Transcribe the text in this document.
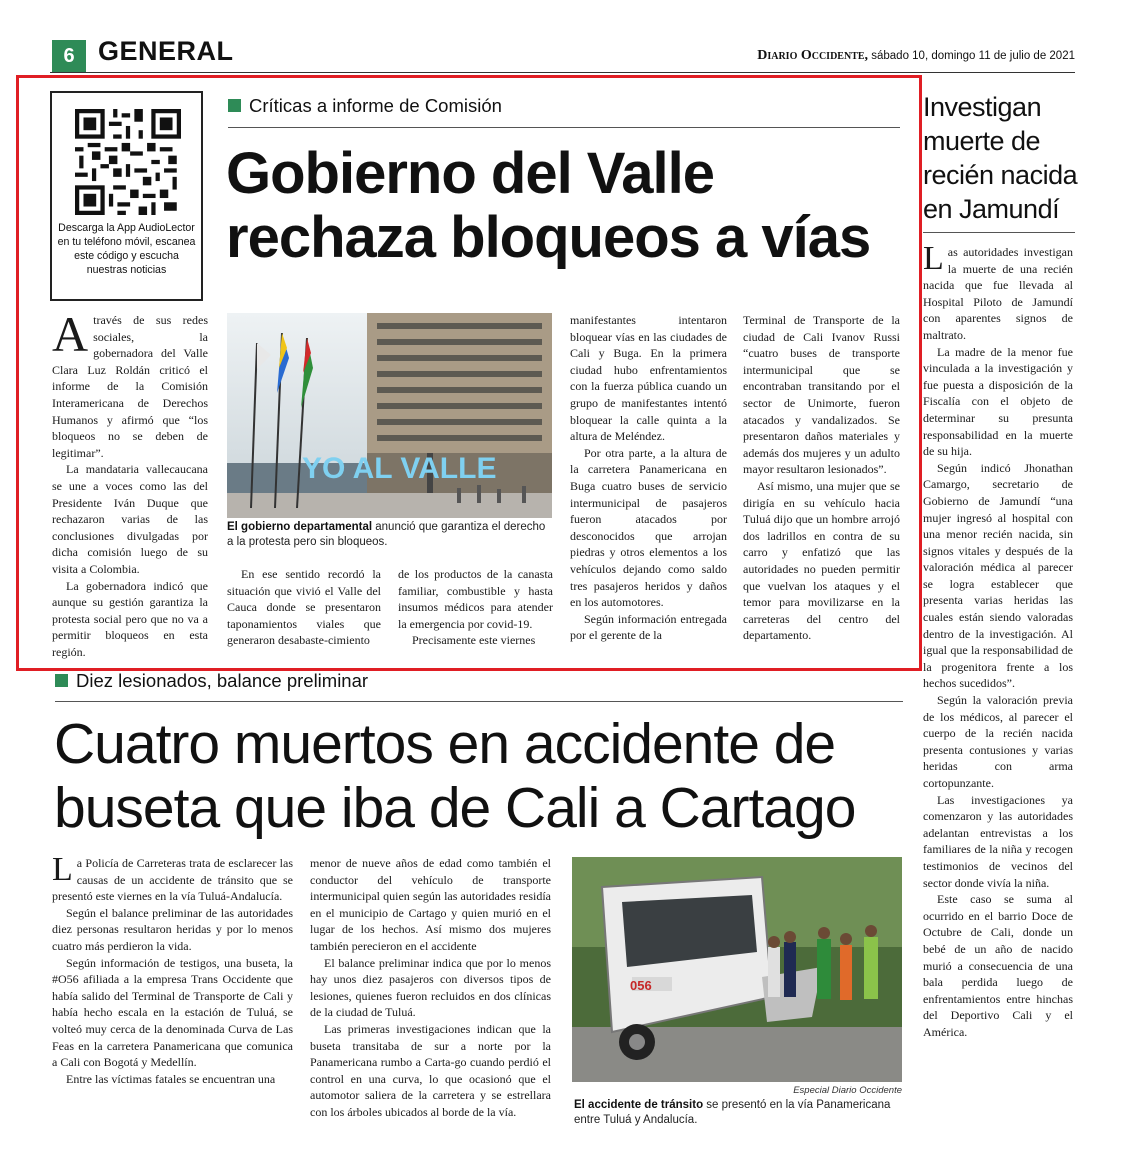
6 GENERAL	Diario Occidente, sábado 10, domingo 11 de julio de 2021
Descarga la App AudioLector en tu teléfono móvil, escanea este código y escucha nuestras noticias
Críticas a informe de Comisión
Gobierno del Valle
rechaza bloqueos a vías

Através de sus redes sociales, la gobernadora del Valle Clara Luz Roldán criticó el informe de la Comisión Interamericana de Derechos Humanos y afirmó que “los bloqueos no se deben de legitimar”.

La mandataria vallecaucana se une a voces como las del Presidente Iván Duque que rechazaron varias de las conclusiones divulgadas por dicha comisión luego de su visita a Colombia.

La gobernadora indicó que aunque su gestión garantiza la protesta social pero que no va a permitir bloqueos en esta región.

YO AL VALLE
El gobierno departamental anunció que garantiza el derecho a la protesta pero sin bloqueos.

En ese sentido recordó la situación que vivió el Valle del Cauca donde se presentaron taponamientos viales que generaron desabaste-cimiento

de los productos de la canasta familiar, combustible y hasta insumos médicos para atender la emergencia por covid-19.

Precisamente este viernes

manifestantes intentaron bloquear vías en las ciudades de Cali y Buga. En la primera ciudad hubo enfrentamientos con la fuerza pública cuando un grupo de manifestantes intentó bloquear la calle quinta a la altura de Meléndez.

Por otra parte, a la altura de la carretera Panamericana en Buga cuatro buses de servicio intermunicipal de pasajeros fueron atacados por desconocidos que arrojan piedras y otros elementos a los vehículos dejando como saldo tres pasajeros heridos y daños en los automotores.

Según información entregada por el gerente de la

Terminal de Transporte de la ciudad de Cali Ivanov Russi “cuatro buses de transporte intermunicipal que se encontraban transitando por el sector de Unimorte, fueron atacados y vandalizados. Se presentaron daños materiales y además dos mujeres y un adulto mayor resultaron lesionados”.

Así mismo, una mujer que se dirigía en su vehículo hacia Tuluá dijo que un hombre arrojó dos ladrillos en contra de su carro y enfatizó que las autoridades no pueden permitir que vuelvan los ataques y el temor para movilizarse en la carreteras del centro del departamento.

Diez lesionados, balance preliminar
Cuatro muertos en accidente de
buseta que iba de Cali a Cartago

La Policía de Carreteras trata de esclarecer las causas de un accidente de tránsito que se presentó este viernes en la vía Tuluá-Andalucía.

Según el balance preliminar de las autoridades diez personas resultaron heridas y por lo menos cuatro más perdieron la vida.

Según información de testigos, una buseta, la #O56 afiliada a la empresa Trans Occidente que había salido del Terminal de Transporte de Cali y había hecho escala en la estación de Tuluá, se volteó muy cerca de la denominada Curva de Las Feas en la carretera Panamericana que comunica a Cali con Bogotá y Medellín.

Entre las víctimas fatales se encuentran una

menor de nueve años de edad como también el conductor del vehículo de transporte intermunicipal quien según las autoridades residía en el municipio de Cartago y quien murió en el lugar de los hechos. Así mismo dos mujeres también perecieron en el accidente

El balance preliminar indica que por lo menos hay unos diez pasajeros con diversos tipos de lesiones, quienes fueron recluidos en dos clínicas de la ciudad de Tuluá.

Las primeras investigaciones indican que la buseta transitaba de sur a norte por la Panamericana rumbo a Carta-go cuando perdió el control en una curva, lo que ocasionó que el automotor saliera de la carretera y se estrellara con los árboles ubicados al borde de la vía.

056
Especial Diario Occidente
El accidente de tránsito se presentó en la vía Panamericana entre Tuluá y Andalucía.
Investigan
muerte de
recién nacida
en Jamundí

Las autoridades investigan la muerte de una recién nacida que fue llevada al Hospital Piloto de Jamundí con aparentes signos de maltrato.

La madre de la menor fue vinculada a la investigación y fue puesta a disposición de la Fiscalía con el objeto de determinar su presunta responsabilidad en la muerte de su hija.

Según indicó Jhonathan Camargo, secretario de Gobierno de Jamundí “una mujer ingresó al hospital con una menor recién nacida, sin signos vitales y después de la valoración médica al parecer se logra establecer que presenta varias heridas las cuales están siendo valoradas dentro de la investigación. Al igual que la responsabilidad de la progenitora frente a los hechos sucedidos”.

Según la valoración previa de los médicos, al parecer el cuerpo de la recién nacida presenta contusiones y varias heridas con arma cortopunzante.

Las investigaciones ya comenzaron y las autoridades adelantan entrevistas a los familiares de la niña y recogen testimonios de vecinos del sector donde vivía la niña.

Este caso se suma al ocurrido en el barrio Doce de Octubre de Cali, donde un bebé de un año de nacido murió a consecuencia de una bala perdida luego de enfrentamientos entre hinchas del Deportivo Cali y el América.
